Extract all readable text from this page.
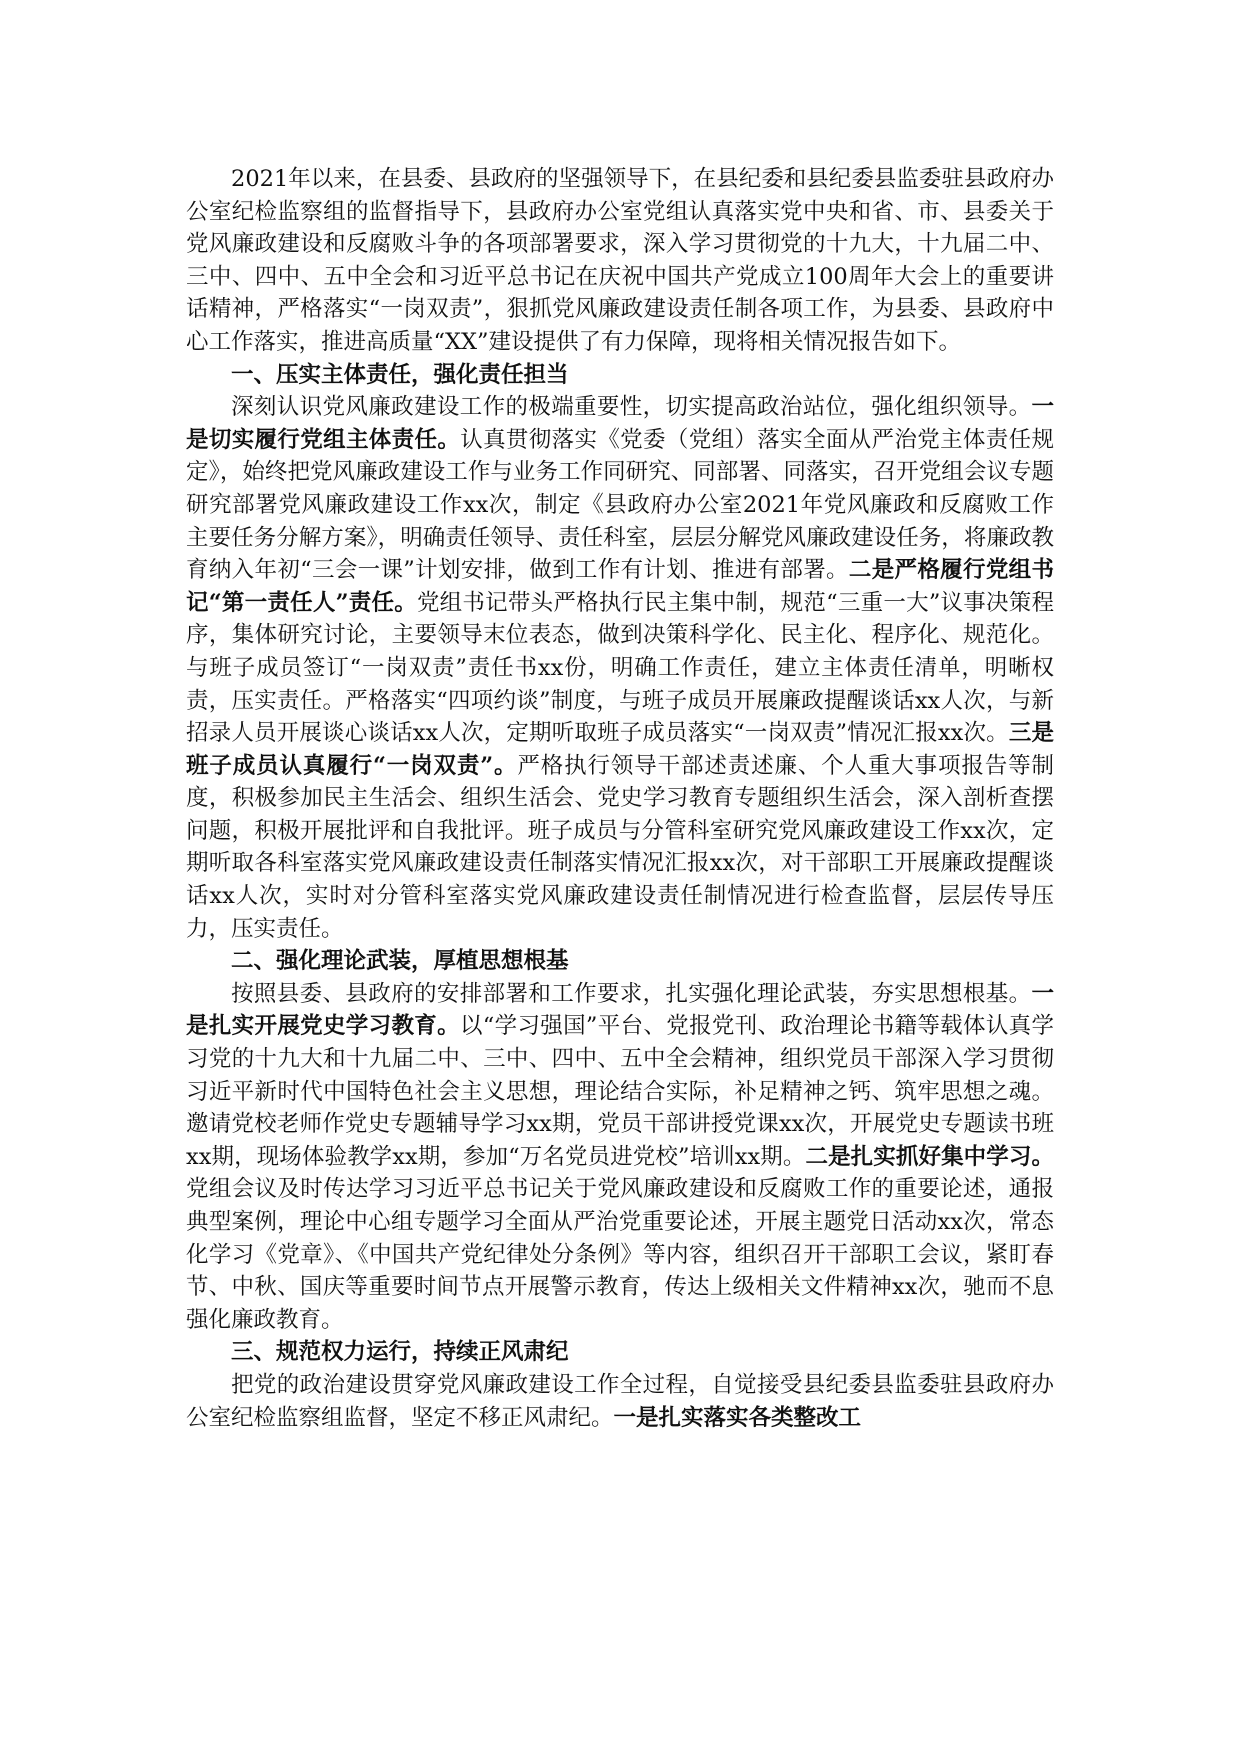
2021年以来，在县委、县政府的坚强领导下，在县纪委和县纪委县监委驻县政府办公室纪检监察组的监督指导下，县政府办公室党组认真落实党中央和省、市、县委关于党风廉政建设和反腐败斗争的各项部署要求，深入学习贯彻党的十九大，十九届二中、三中、四中、五中全会和习近平总书记在庆祝中国共产党成立100周年大会上的重要讲话精神，严格落实“一岗双责”，狠抓党风廉政建设责任制各项工作，为县委、县政府中心工作落实，推进高质量“XX”建设提供了有力保障，现将相关情况报告如下。

一、压实主体责任，强化责任担当

深刻认识党风廉政建设工作的极端重要性，切实提高政治站位，强化组织领导。一是切实履行党组主体责任。认真贯彻落实《党委（党组）落实全面从严治党主体责任规定》，始终把党风廉政建设工作与业务工作同研究、同部署、同落实，召开党组会议专题研究部署党风廉政建设工作xx次，制定《县政府办公室2021年党风廉政和反腐败工作主要任务分解方案》，明确责任领导、责任科室，层层分解党风廉政建设任务，将廉政教育纳入年初“三会一课”计划安排，做到工作有计划、推进有部署。二是严格履行党组书记“第一责任人”责任。党组书记带头严格执行民主集中制，规范“三重一大”议事决策程序，集体研究讨论，主要领导末位表态，做到决策科学化、民主化、程序化、规范化。与班子成员签订“一岗双责”责任书xx份，明确工作责任，建立主体责任清单，明晰权责，压实责任。严格落实“四项约谈”制度，与班子成员开展廉政提醒谈话xx人次，与新招录人员开展谈心谈话xx人次，定期听取班子成员落实“一岗双责”情况汇报xx次。三是班子成员认真履行“一岗双责”。严格执行领导干部述责述廉、个人重大事项报告等制度，积极参加民主生活会、组织生活会、党史学习教育专题组织生活会，深入剖析查摆问题，积极开展批评和自我批评。班子成员与分管科室研究党风廉政建设工作xx次，定期听取各科室落实党风廉政建设责任制落实情况汇报xx次，对干部职工开展廉政提醒谈话xx人次，实时对分管科室落实党风廉政建设责任制情况进行检查监督，层层传导压力，压实责任。

二、强化理论武装，厚植思想根基

按照县委、县政府的安排部署和工作要求，扎实强化理论武装，夯实思想根基。一是扎实开展党史学习教育。以“学习强国”平台、党报党刊、政治理论书籍等载体认真学习党的十九大和十九届二中、三中、四中、五中全会精神，组织党员干部深入学习贯彻习近平新时代中国特色社会主义思想，理论结合实际，补足精神之钙、筑牢思想之魂。邀请党校老师作党史专题辅导学习xx期，党员干部讲授党课xx次，开展党史专题读书班xx期，现场体验教学xx期，参加“万名党员进党校”培训xx期。二是扎实抓好集中学习。党组会议及时传达学习习近平总书记关于党风廉政建设和反腐败工作的重要论述，通报典型案例，理论中心组专题学习全面从严治党重要论述，开展主题党日活动xx次，常态化学习《党章》、《中国共产党纪律处分条例》等内容，组织召开干部职工会议，紧盯春节、中秋、国庆等重要时间节点开展警示教育，传达上级相关文件精神xx次，驰而不息强化廉政教育。

三、规范权力运行，持续正风肃纪

把党的政治建设贯穿党风廉政建设工作全过程，自觉接受县纪委县监委驻县政府办公室纪检监察组监督，坚定不移正风肃纪。一是扎实落实各类整改工
